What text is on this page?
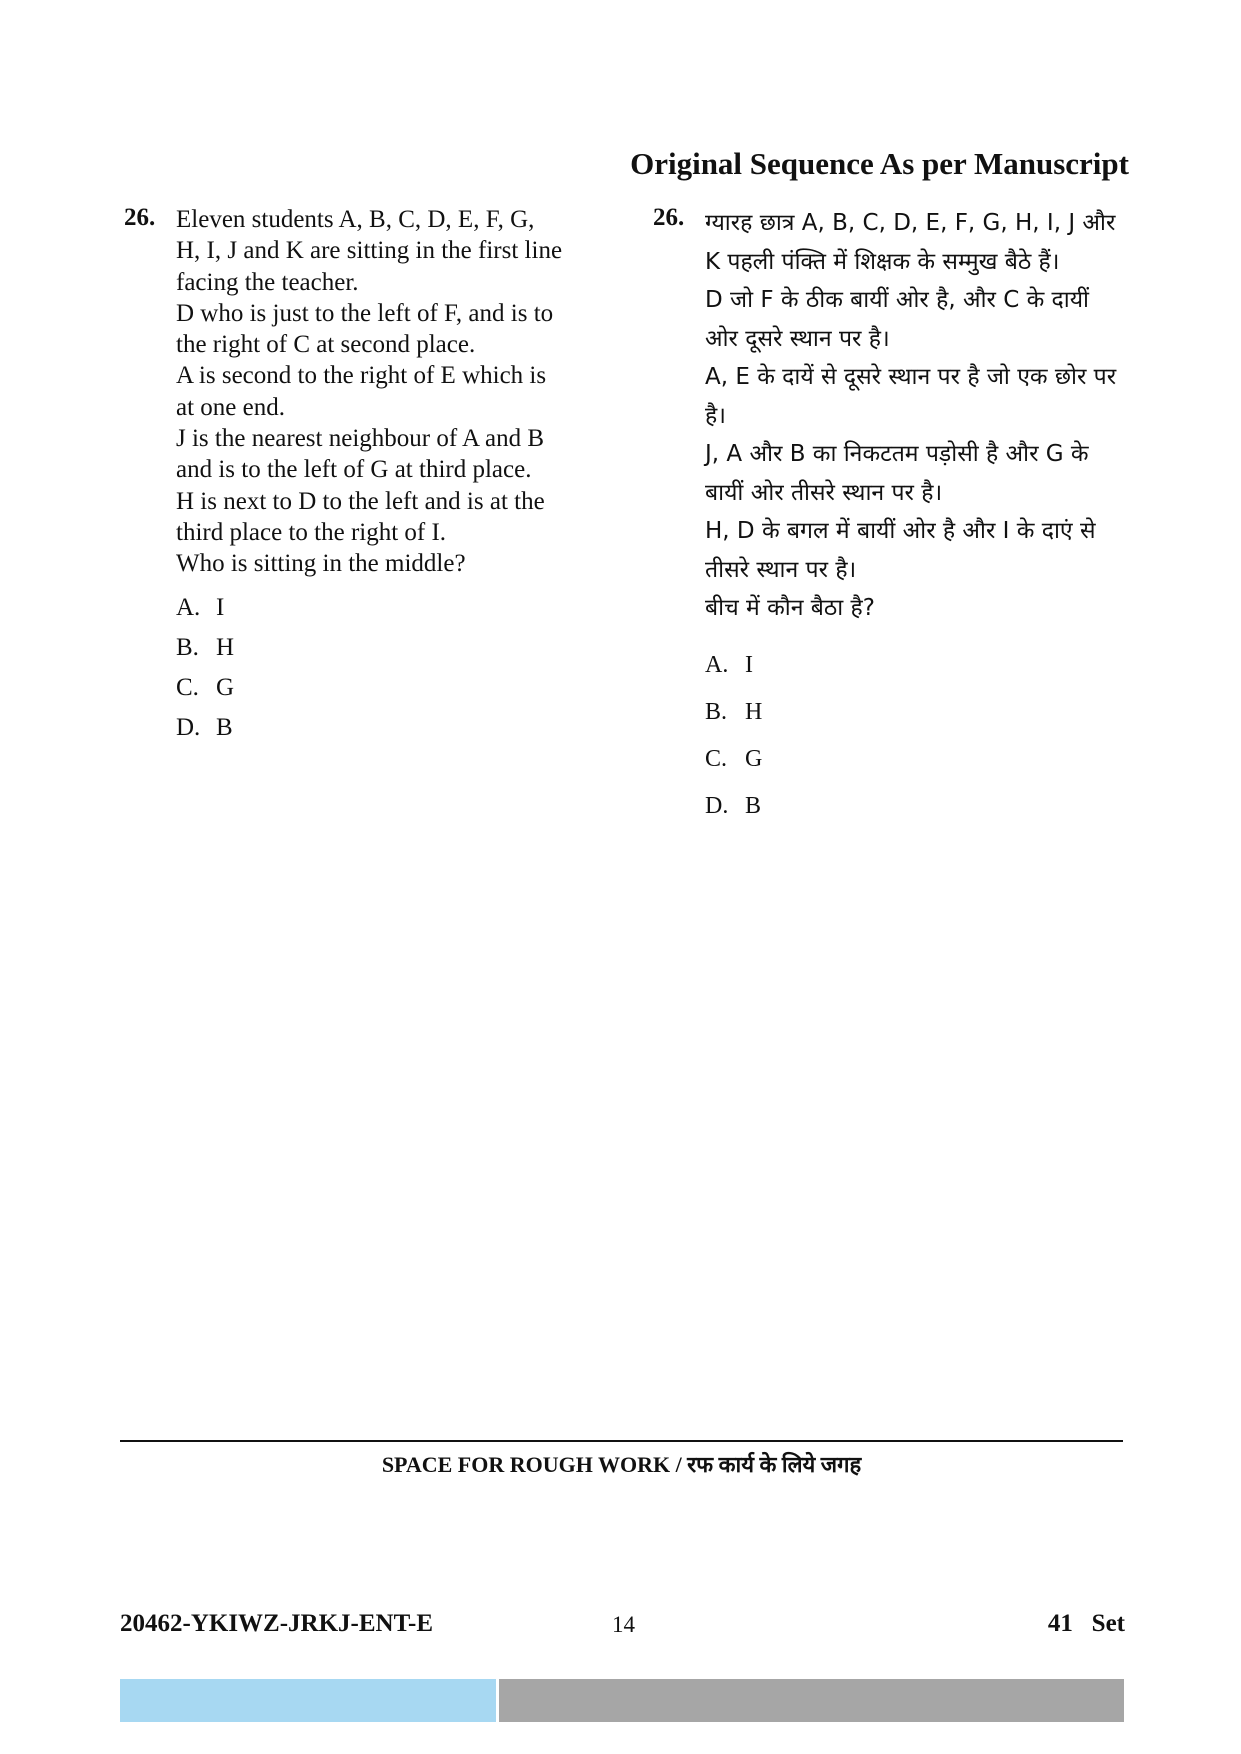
Original Sequence As per Manuscript
26. Eleven students A, B, C, D, E, F, G,

H, I, J and K are sitting in the first line

facing the teacher.

D who is just to the left of F, and is to

the right of C at second place.

A is second to the right of E which is

at one end.

J is the nearest neighbour of A and B

and is to the left of G at third place.

H is next to D to the left and is at the

third place to the right of I.

Who is sitting in the middle?

A. I
B. H
C. G
D. B
26. ग्यारह छात्र A, B, C, D, E, F, G, H, I, J और

K पहली पंक्ति में शिक्षक के सम्मुख बैठे हैं।

D जो F के ठीक बायीं ओर है, और C के दायीं

ओर दूसरे स्थान पर है।

A, E के दायें से दूसरे स्थान पर है जो एक छोर पर

है।

J, A और B का निकटतम पड़ोसी है और G के

बायीं ओर तीसरे स्थान पर है।

H, D के बगल में बायीं ओर है और I के दाएं से

तीसरे स्थान पर है।

बीच में कौन बैठा है?

A. I
B. H
C. G
D. B
SPACE FOR ROUGH WORK / रफ कार्य के लिये जगह
20462-YKIWZ-JRKJ-ENT-E	14	41   Set
